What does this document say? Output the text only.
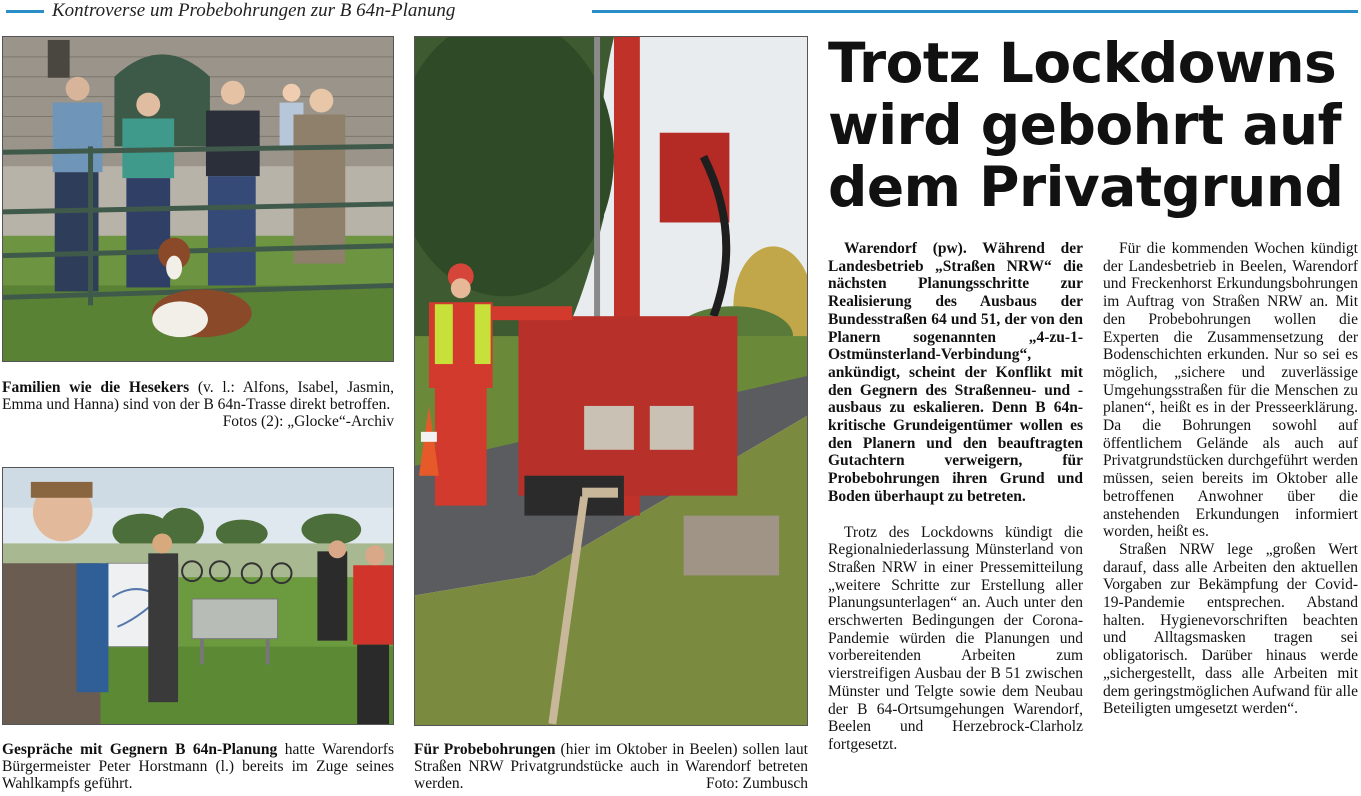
Kontroverse um Probebohrungen zur B 64n-Planung
Familien wie die Hesekers (v. l.: Alfons, Isabel, Jasmin, Emma und Hanna) sind von der B 64n-Trasse direkt betroffen.
Fotos (2): „Glocke“-Archiv
Gespräche mit Gegnern B 64n-Planung hatte Warendorfs Bürgermeister Peter Horstmann (l.) bereits im Zuge seines Wahlkampfs geführt.
Für Probebohrungen (hier im Oktober in Beelen) sollen laut Straßen NRW Privatgrundstücke auch in Warendorf betreten werden.	Foto: Zumbusch
Trotz Lockdowns
wird gebohrt auf
dem Privatgrund

Warendorf (pw). Während der Landesbetrieb „Straßen NRW“ die nächsten Planungsschritte zur Realisierung des Ausbaus der Bundesstraßen 64 und 51, der von den Planern sogenannten „4-zu-1-Ostmünsterland-Verbindung“, ankündigt, scheint der Konflikt mit den Gegnern des Straßenneu- und -ausbaus zu eskalieren. Denn B 64n-kritische Grundeigentümer wollen es den Planern und den beauftragten Gutachtern verweigern, für Probebohrungen ihren Grund und Boden überhaupt zu betreten.

Trotz des Lockdowns kündigt die Regionalniederlassung Münsterland von Straßen NRW in einer Pressemitteilung „weitere Schritte zur Erstellung aller Planungsunterlagen“ an. Auch unter den erschwerten Bedingungen der Corona-Pandemie würden die Planungen und vorbereitenden Arbeiten zum vierstreifigen Ausbau der B 51 zwischen Münster und Telgte sowie dem Neubau der B 64-Ortsumgehungen Warendorf, Beelen und Herzebrock-Clarholz fortgesetzt.

Für die kommenden Wochen kündigt der Landesbetrieb in Beelen, Warendorf und Freckenhorst Erkundungsbohrungen im Auftrag von Straßen NRW an. Mit den Probebohrungen wollen die Experten die Zusammensetzung der Bodenschichten erkunden. Nur so sei es möglich, „sichere und zuverlässige Umgehungsstraßen für die Menschen zu planen“, heißt es in der Presseerklärung. Da die Bohrungen sowohl auf öffentlichem Gelände als auch auf Privatgrundstücken durchgeführt werden müssen, seien bereits im Oktober alle betroffenen Anwohner über die anstehenden Erkundungen informiert worden, heißt es.

Straßen NRW lege „großen Wert darauf, dass alle Arbeiten den aktuellen Vorgaben zur Bekämpfung der Covid-19-Pandemie entsprechen. Abstand halten. Hygienevorschriften beachten und Alltagsmasken tragen sei obligatorisch. Darüber hinaus werde „sichergestellt, dass alle Arbeiten mit dem geringstmöglichen Aufwand für alle Beteiligten umgesetzt werden“.
